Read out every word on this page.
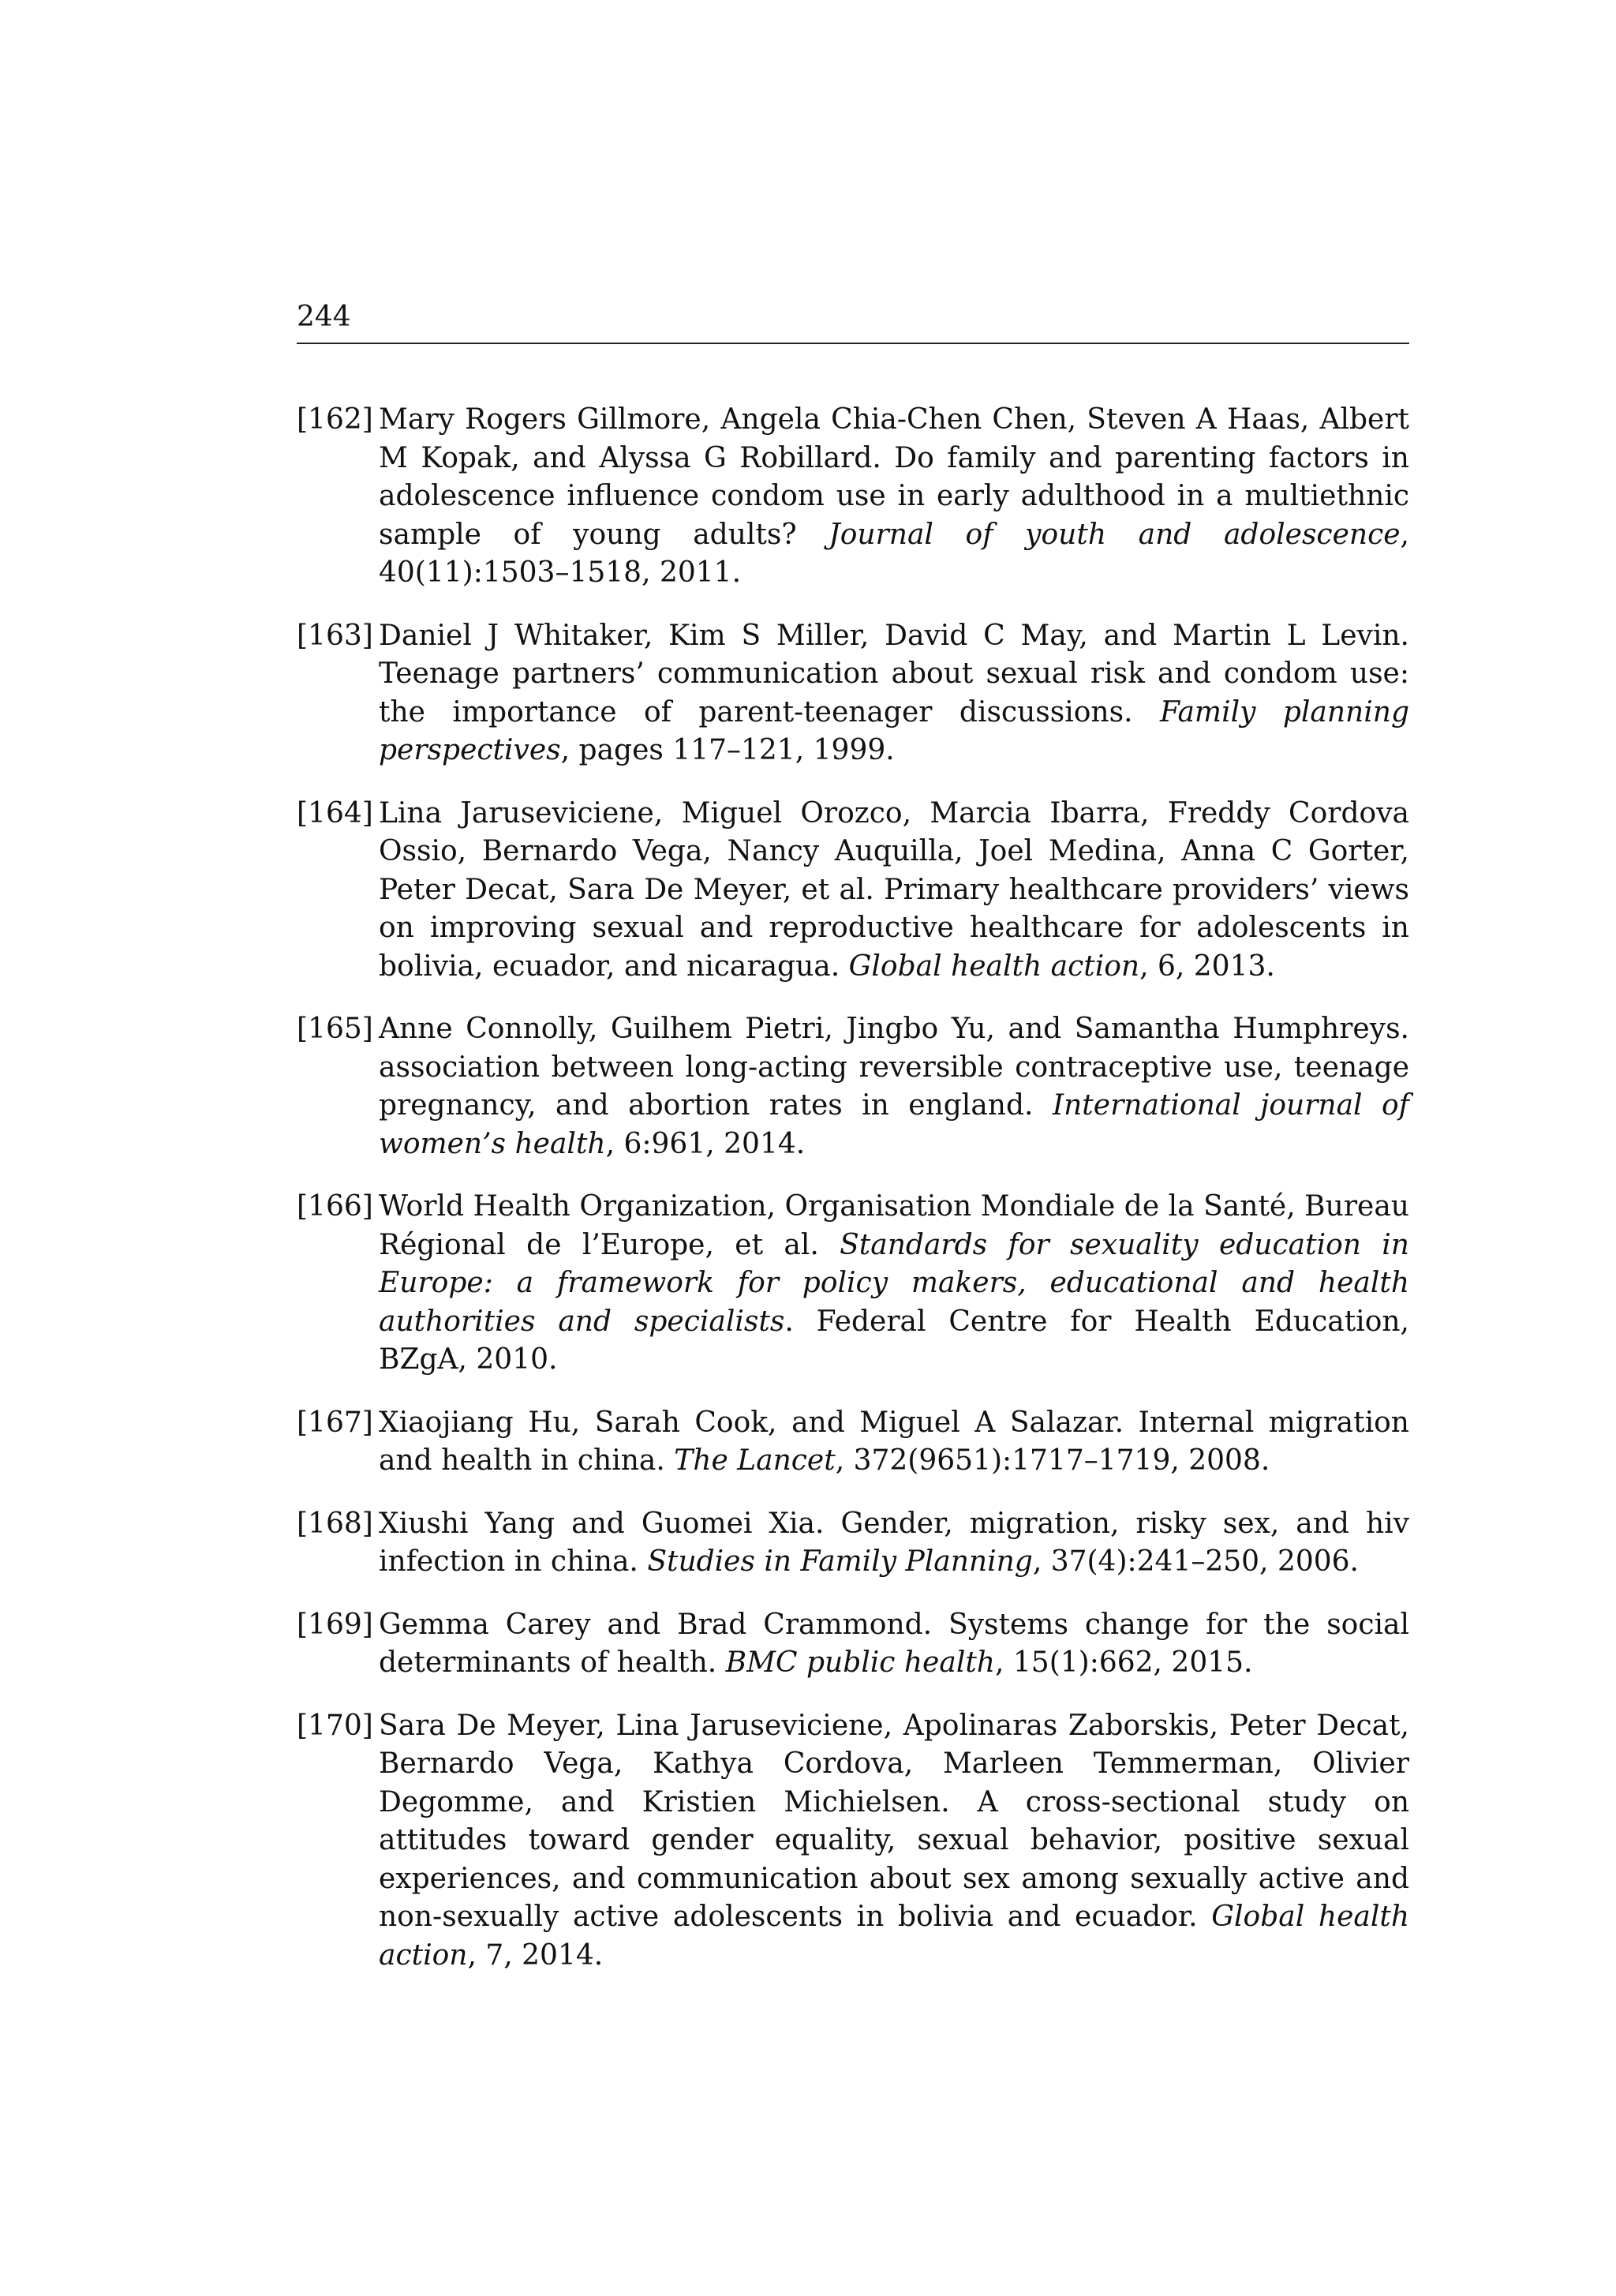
244
[162] Mary Rogers Gillmore, Angela Chia-Chen Chen, Steven A Haas, Albert M Kopak, and Alyssa G Robillard. Do family and parenting factors in adolescence influence condom use in early adulthood in a multiethnic sample of young adults? Journal of youth and adolescence, 40(11):1503–1518, 2011.
[163] Daniel J Whitaker, Kim S Miller, David C May, and Martin L Levin. Teenage partners’ communication about sexual risk and condom use: the importance of parent-teenager discussions. Family planning perspectives, pages 117–121, 1999.
[164] Lina Jaruseviciene, Miguel Orozco, Marcia Ibarra, Freddy Cordova Ossio, Bernardo Vega, Nancy Auquilla, Joel Medina, Anna C Gorter, Peter Decat, Sara De Meyer, et al. Primary healthcare providers’ views on improving sexual and reproductive healthcare for adolescents in bolivia, ecuador, and nicaragua. Global health action, 6, 2013.
[165] Anne Connolly, Guilhem Pietri, Jingbo Yu, and Samantha Humphreys. association between long-acting reversible contraceptive use, teenage pregnancy, and abortion rates in england. International journal of women’s health, 6:961, 2014.
[166] World Health Organization, Organisation Mondiale de la Santé, Bureau Régional de l’Europe, et al. Standards for sexuality education in Europe: a framework for policy makers, educational and health authorities and specialists. Federal Centre for Health Education, BZgA, 2010.
[167] Xiaojiang Hu, Sarah Cook, and Miguel A Salazar. Internal migration and health in china. The Lancet, 372(9651):1717–1719, 2008.
[168] Xiushi Yang and Guomei Xia. Gender, migration, risky sex, and hiv infection in china. Studies in Family Planning, 37(4):241–250, 2006.
[169] Gemma Carey and Brad Crammond. Systems change for the social determinants of health. BMC public health, 15(1):662, 2015.
[170] Sara De Meyer, Lina Jaruseviciene, Apolinaras Zaborskis, Peter Decat, Bernardo Vega, Kathya Cordova, Marleen Temmerman, Olivier Degomme, and Kristien Michielsen. A cross-sectional study on attitudes toward gender equality, sexual behavior, positive sexual experiences, and communication about sex among sexually active and non-sexually active adolescents in bolivia and ecuador. Global health action, 7, 2014.
